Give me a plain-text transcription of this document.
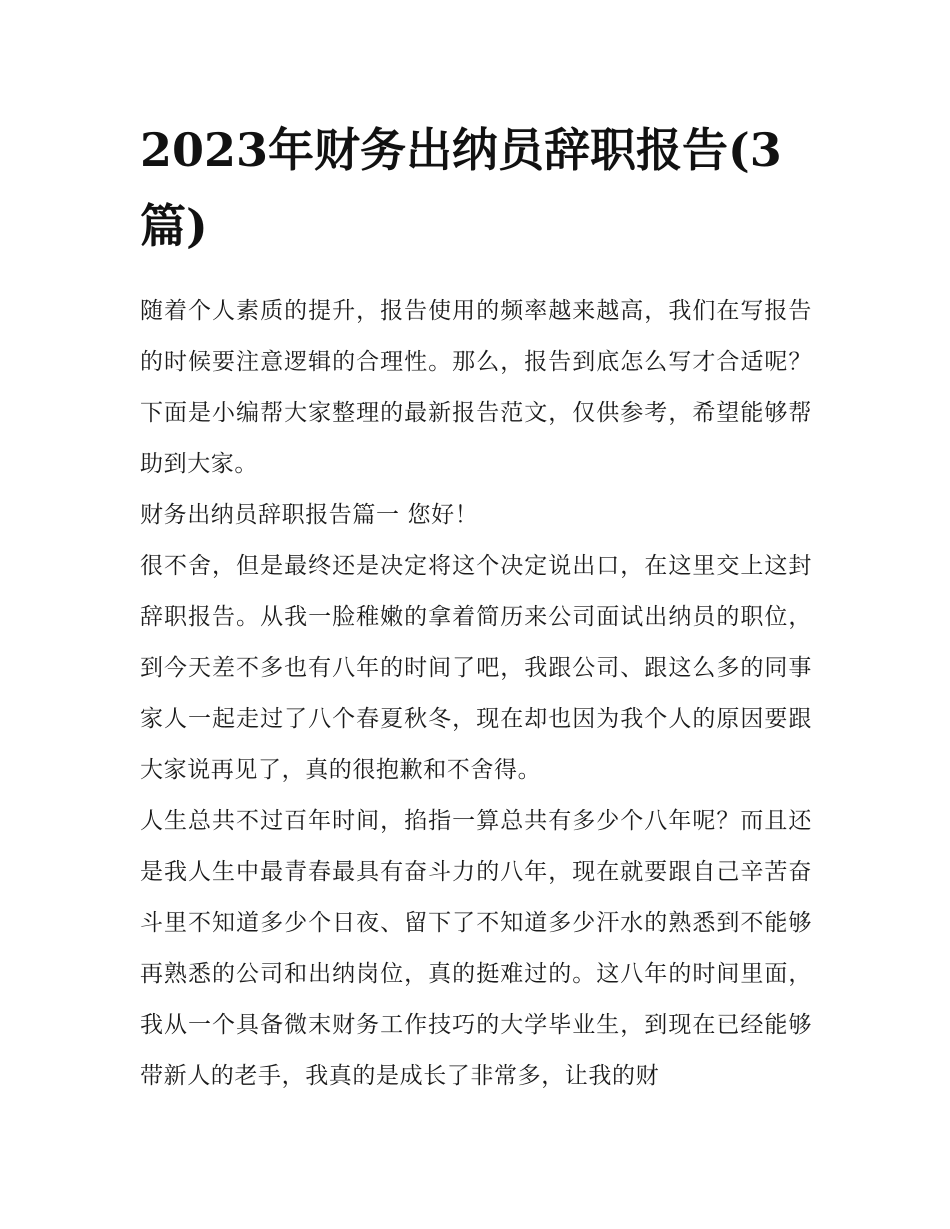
2023年财务出纳员辞职报告(3篇)

随着个人素质的提升，报告使用的频率越来越高，我们在写报告的时候要注意逻辑的合理性。那么，报告到底怎么写才合适呢？下面是小编帮大家整理的最新报告范文，仅供参考，希望能够帮助到大家。

财务出纳员辞职报告篇一 您好！

很不舍，但是最终还是决定将这个决定说出口，在这里交上这封辞职报告。从我一脸稚嫩的拿着简历来公司面试出纳员的职位，到今天差不多也有八年的时间了吧，我跟公司、跟这么多的同事家人一起走过了八个春夏秋冬，现在却也因为我个人的原因要跟大家说再见了，真的很抱歉和不舍得。

人生总共不过百年时间，掐指一算总共有多少个八年呢？而且还是我人生中最青春最具有奋斗力的八年，现在就要跟自己辛苦奋斗里不知道多少个日夜、留下了不知道多少汗水的熟悉到不能够再熟悉的公司和出纳岗位，真的挺难过的。这八年的时间里面，我从一个具备微末财务工作技巧的大学毕业生，到现在已经能够带新人的老手，我真的是成长了非常多，让我的财
